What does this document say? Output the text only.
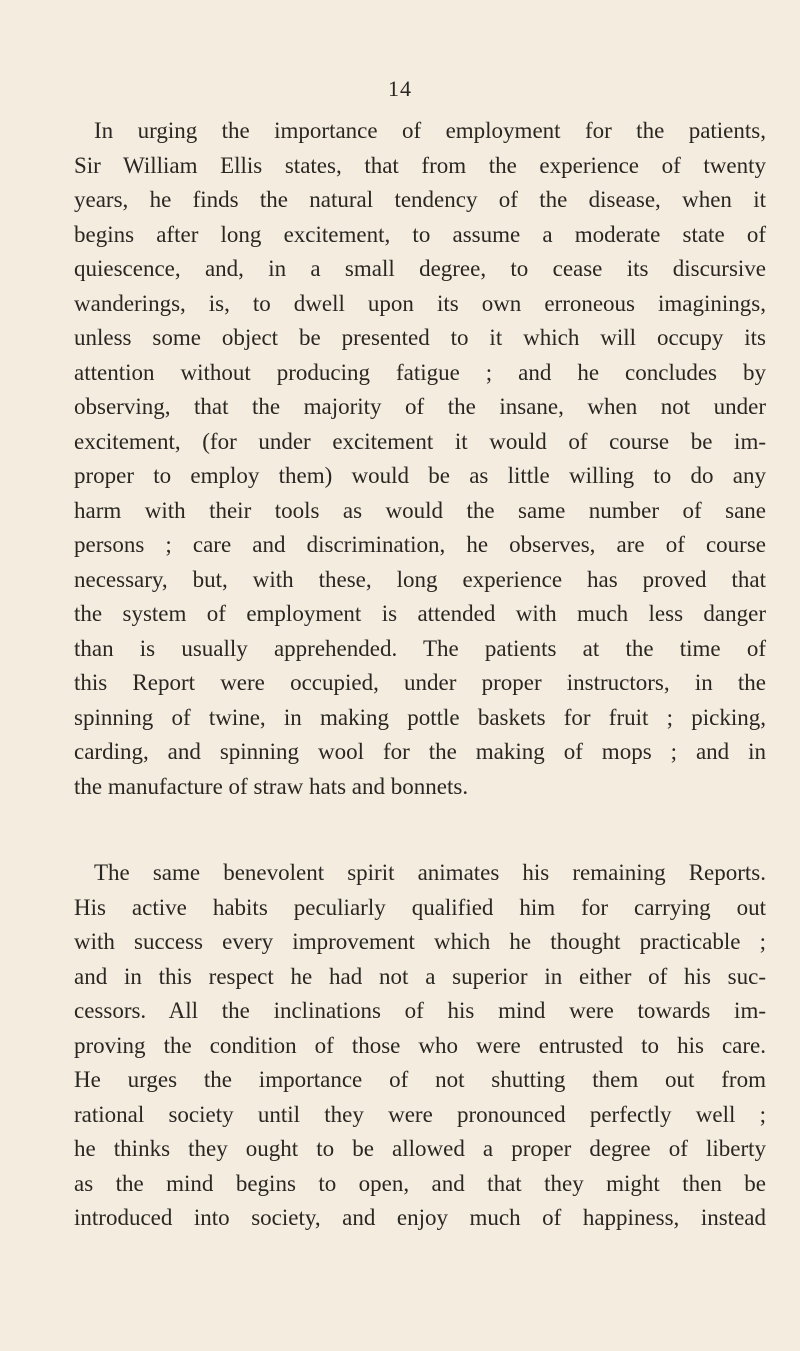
14
In urging the importance of employment for the patients,
Sir William Ellis states, that from the experience of twenty
years, he finds the natural tendency of the disease, when it
begins after long excitement, to assume a moderate state of
quiescence, and, in a small degree, to cease its discursive
wanderings, is, to dwell upon its own erroneous imaginings,
unless some object be presented to it which will occupy its
attention without producing fatigue ; and he concludes by
observing, that the majority of the insane, when not under
excitement, (for under excitement it would of course be im-
proper to employ them) would be as little willing to do any
harm with their tools as would the same number of sane
persons ; care and discrimination, he observes, are of course
necessary, but, with these, long experience has proved that
the system of employment is attended with much less danger
than is usually apprehended. The patients at the time of
this Report were occupied, under proper instructors, in the
spinning of twine, in making pottle baskets for fruit ; picking,
carding, and spinning wool for the making of mops ; and in
the manufacture of straw hats and bonnets.
The same benevolent spirit animates his remaining Reports.
His active habits peculiarly qualified him for carrying out
with success every improvement which he thought practicable ;
and in this respect he had not a superior in either of his suc-
cessors. All the inclinations of his mind were towards im-
proving the condition of those who were entrusted to his care.
He urges the importance of not shutting them out from
rational society until they were pronounced perfectly well ;
he thinks they ought to be allowed a proper degree of liberty
as the mind begins to open, and that they might then be
introduced into society, and enjoy much of happiness, instead
